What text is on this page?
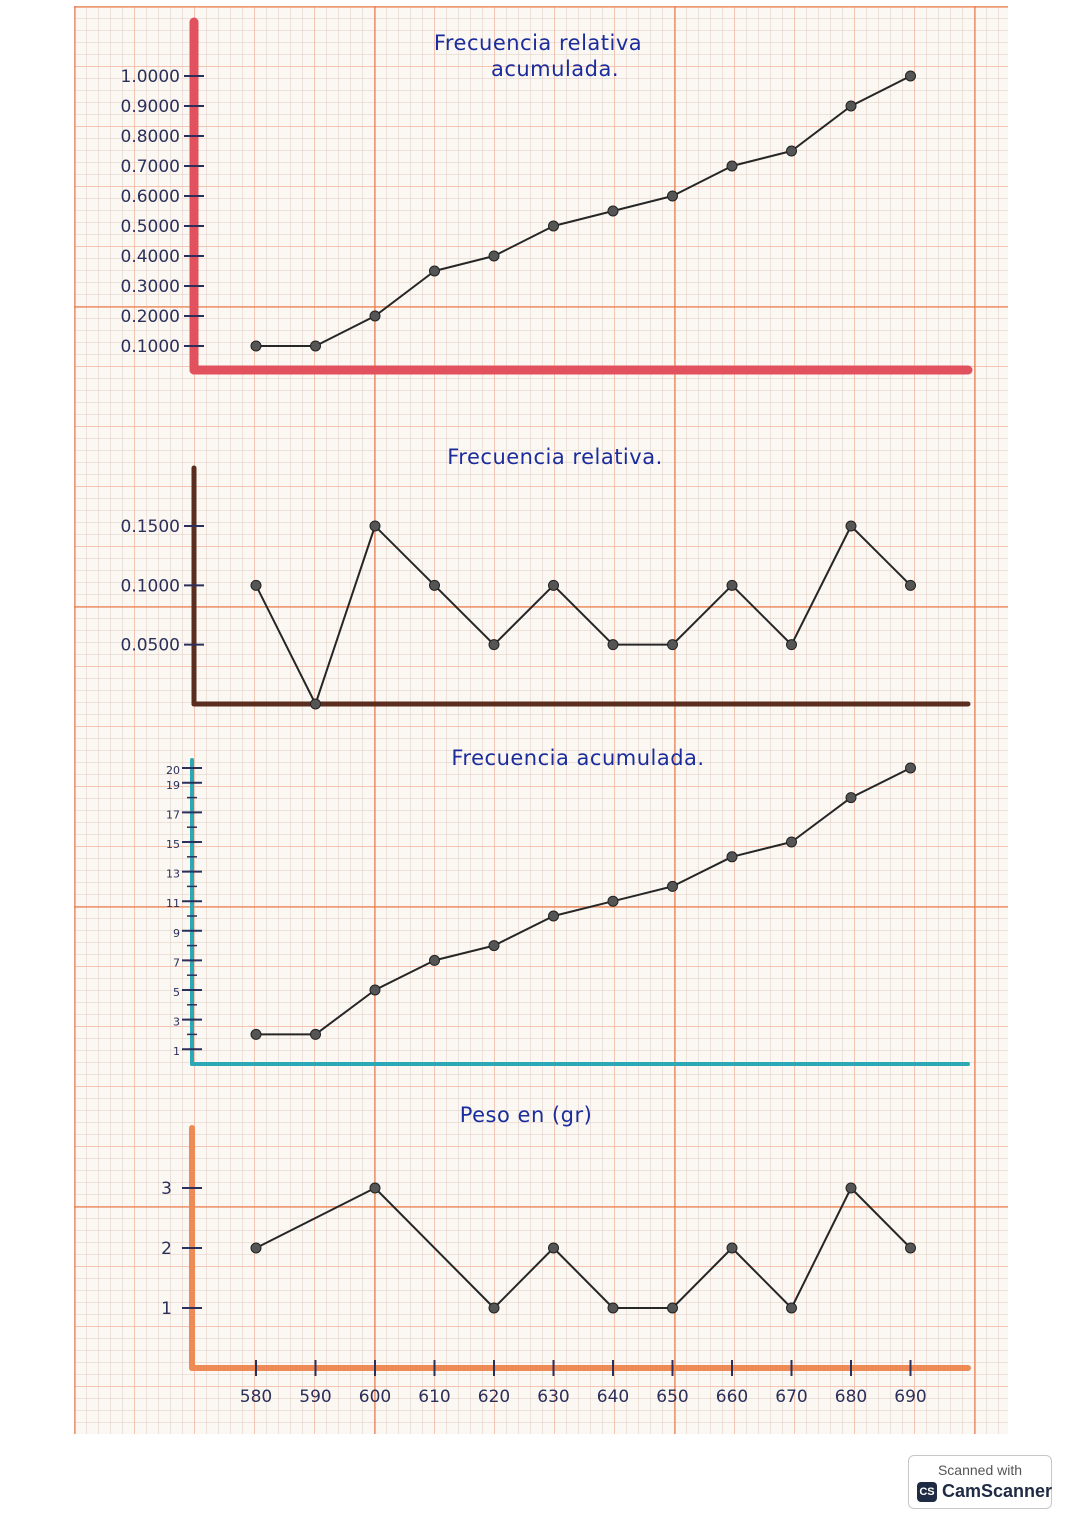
Frecuencia relativa
acumulada.
Frecuencia relativa.
Frecuencia acumulada.
Peso en (gr)
1.0000
0.9000
0.8000
0.7000
0.6000
0.5000
0.4000
0.3000
0.2000
0.1000
0.1500
0.1000
0.0500
20
19
17
15
13
11
9
7
5
3
1
3
2
1
580 590 600 610 620 630 640 650 660 670 680 690
Scanned with
CS CamScanner
